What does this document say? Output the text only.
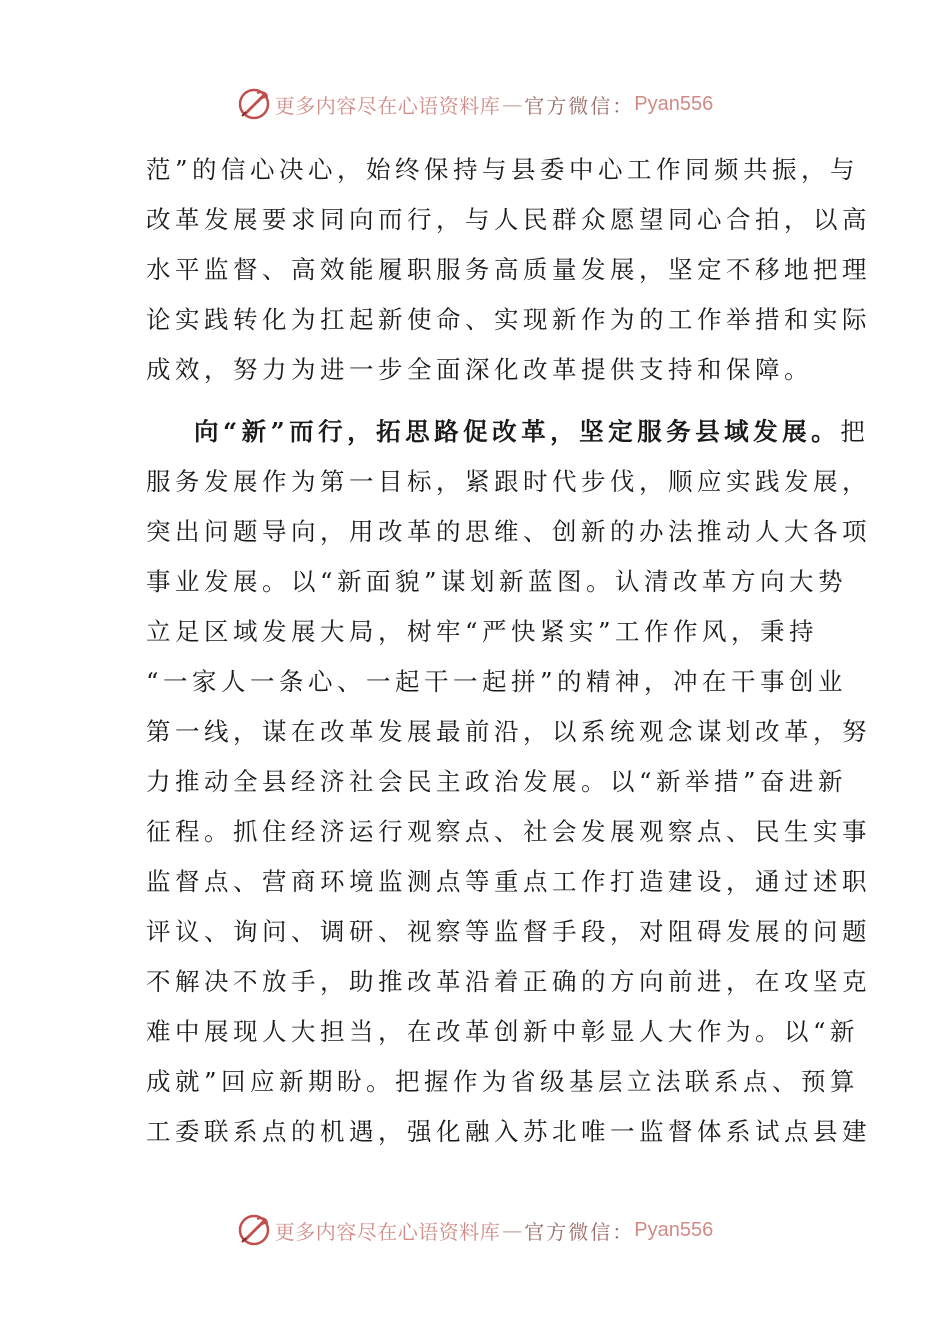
更多内容尽在心语资料库 — 官方微信： Pyan556
范”的信心决心，始终保持与县委中心工作同频共振，与
改革发展要求同向而行，与人民群众愿望同心合拍，以高
水平监督、高效能履职服务高质量发展，坚定不移地把理
论实践转化为扛起新使命、实现新作为的工作举措和实际
成效，努力为进一步全面深化改革提供支持和保障。
向“新”而行，拓思路促改革，坚定服务县域发展。把
服务发展作为第一目标，紧跟时代步伐，顺应实践发展，
突出问题导向，用改革的思维、创新的办法推动人大各项
事业发展。以“新面貌”谋划新蓝图。认清改革方向大势
立足区域发展大局，树牢“严快紧实”工作作风，秉持
“一家人一条心、一起干一起拼”的精神，冲在干事创业
第一线，谋在改革发展最前沿，以系统观念谋划改革，努
力推动全县经济社会民主政治发展。以“新举措”奋进新
征程。抓住经济运行观察点、社会发展观察点、民生实事
监督点、营商环境监测点等重点工作打造建设，通过述职
评议、询问、调研、视察等监督手段，对阻碍发展的问题
不解决不放手，助推改革沿着正确的方向前进，在攻坚克
难中展现人大担当，在改革创新中彰显人大作为。以“新
成就”回应新期盼。把握作为省级基层立法联系点、预算
工委联系点的机遇，强化融入苏北唯一监督体系试点县建
更多内容尽在心语资料库 — 官方微信： Pyan556
